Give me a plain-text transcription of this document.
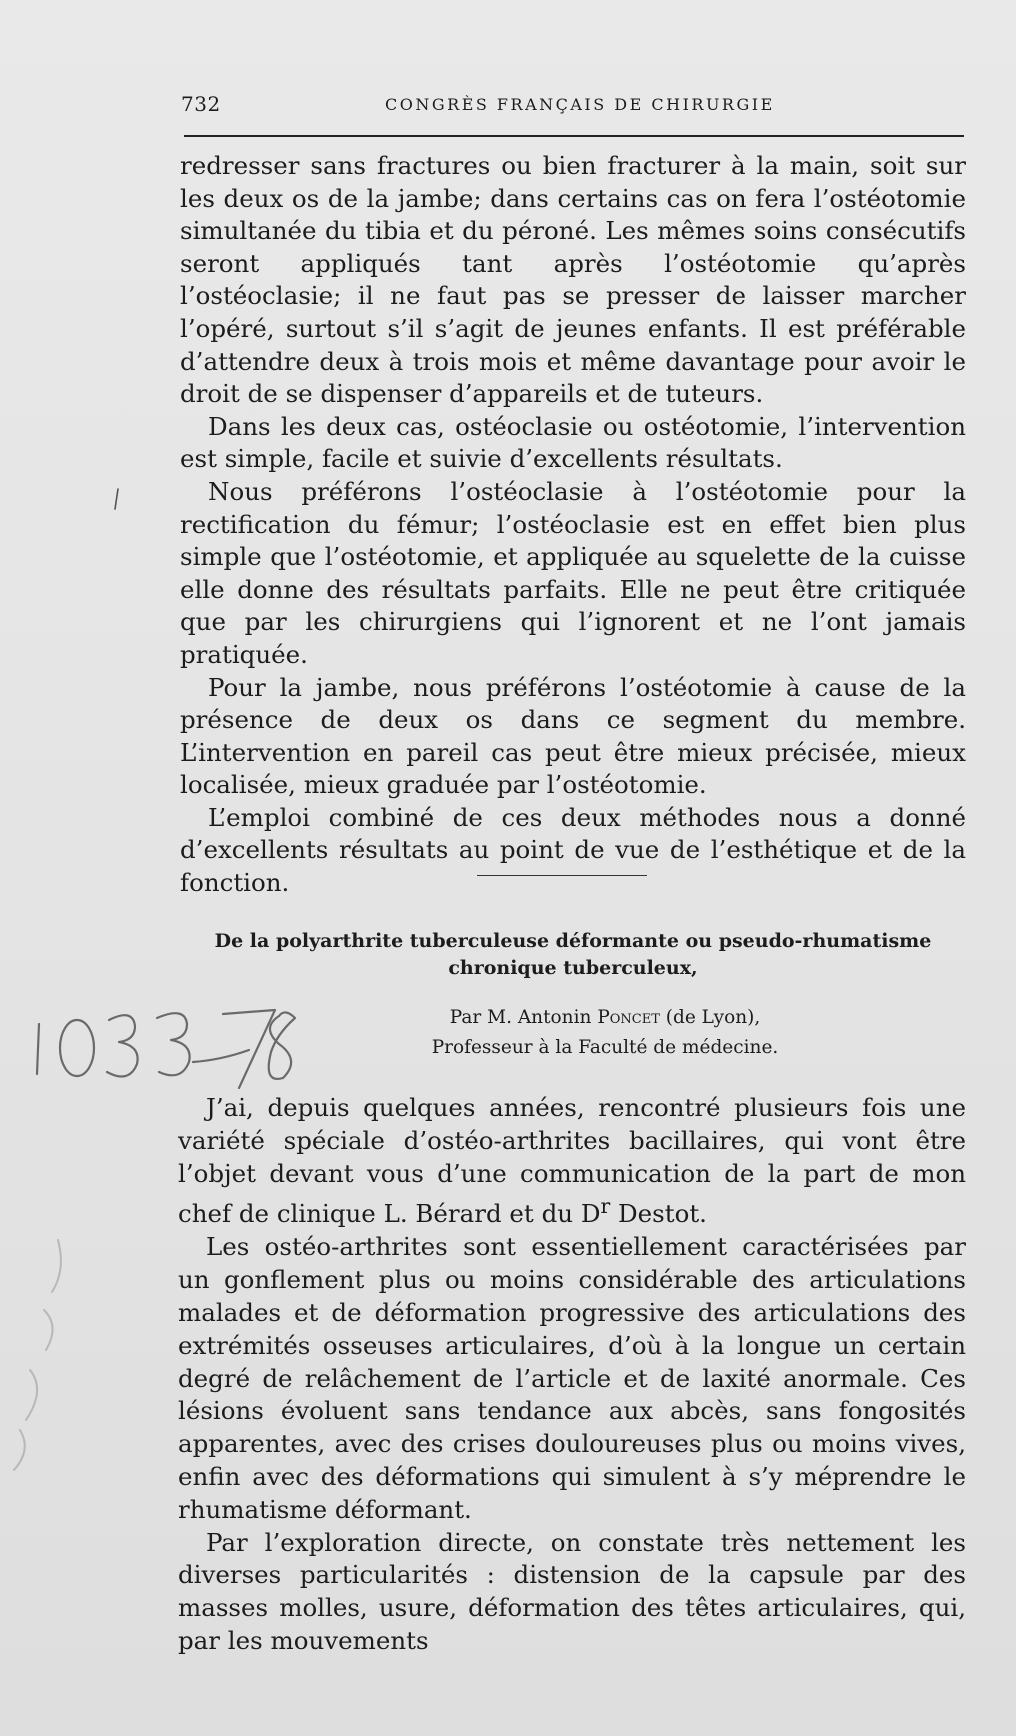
732	CONGRÈS FRANÇAIS DE CHIRURGIE

redresser sans fractures ou bien fracturer à la main, soit sur les deux os de la jambe; dans certains cas on fera l’ostéotomie simultanée du tibia et du péroné. Les mêmes soins consécutifs seront appliqués tant après l’ostéotomie qu’après l’ostéoclasie; il ne faut pas se presser de laisser marcher l’opéré, surtout s’il s’agit de jeunes enfants. Il est préférable d’attendre deux à trois mois et même davantage pour avoir le droit de se dispenser d’appareils et de tuteurs.

Dans les deux cas, ostéoclasie ou ostéotomie, l’intervention est simple, facile et suivie d’excellents résultats.

Nous préférons l’ostéoclasie à l’ostéotomie pour la rectification du fémur; l’ostéoclasie est en effet bien plus simple que l’ostéotomie, et appliquée au squelette de la cuisse elle donne des résultats parfaits. Elle ne peut être critiquée que par les chirurgiens qui l’ignorent et ne l’ont jamais pratiquée.

Pour la jambe, nous préférons l’ostéotomie à cause de la présence de deux os dans ce segment du membre. L’intervention en pareil cas peut être mieux précisée, mieux localisée, mieux graduée par l’ostéotomie.

L’emploi combiné de ces deux méthodes nous a donné d’excellents résultats au point de vue de l’esthétique et de la fonction.

De la polyarthrite tuberculeuse déformante ou pseudo-rhumatisme
chronique tuberculeux,
Par M. Antonin Poncet (de Lyon),
Professeur à la Faculté de médecine.

J’ai, depuis quelques années, rencontré plusieurs fois une variété spéciale d’ostéo-arthrites bacillaires, qui vont être l’objet devant vous d’une communication de la part de mon chef de clinique L. Bérard et du $D^r$ Destot.

Les ostéo-arthrites sont essentiellement caractérisées par un gonflement plus ou moins considérable des articulations malades et de déformation progressive des articulations des extrémités osseuses articulaires, d’où à la longue un certain degré de relâchement de l’article et de laxité anormale. Ces lésions évoluent sans tendance aux abcès, sans fongosités apparentes, avec des crises douloureuses plus ou moins vives, enfin avec des déformations qui simulent à s’y méprendre le rhumatisme déformant.

Par l’exploration directe, on constate très nettement les diverses particularités : distension de la capsule par des masses molles, usure, déformation des têtes articulaires, qui, par les mouvements
